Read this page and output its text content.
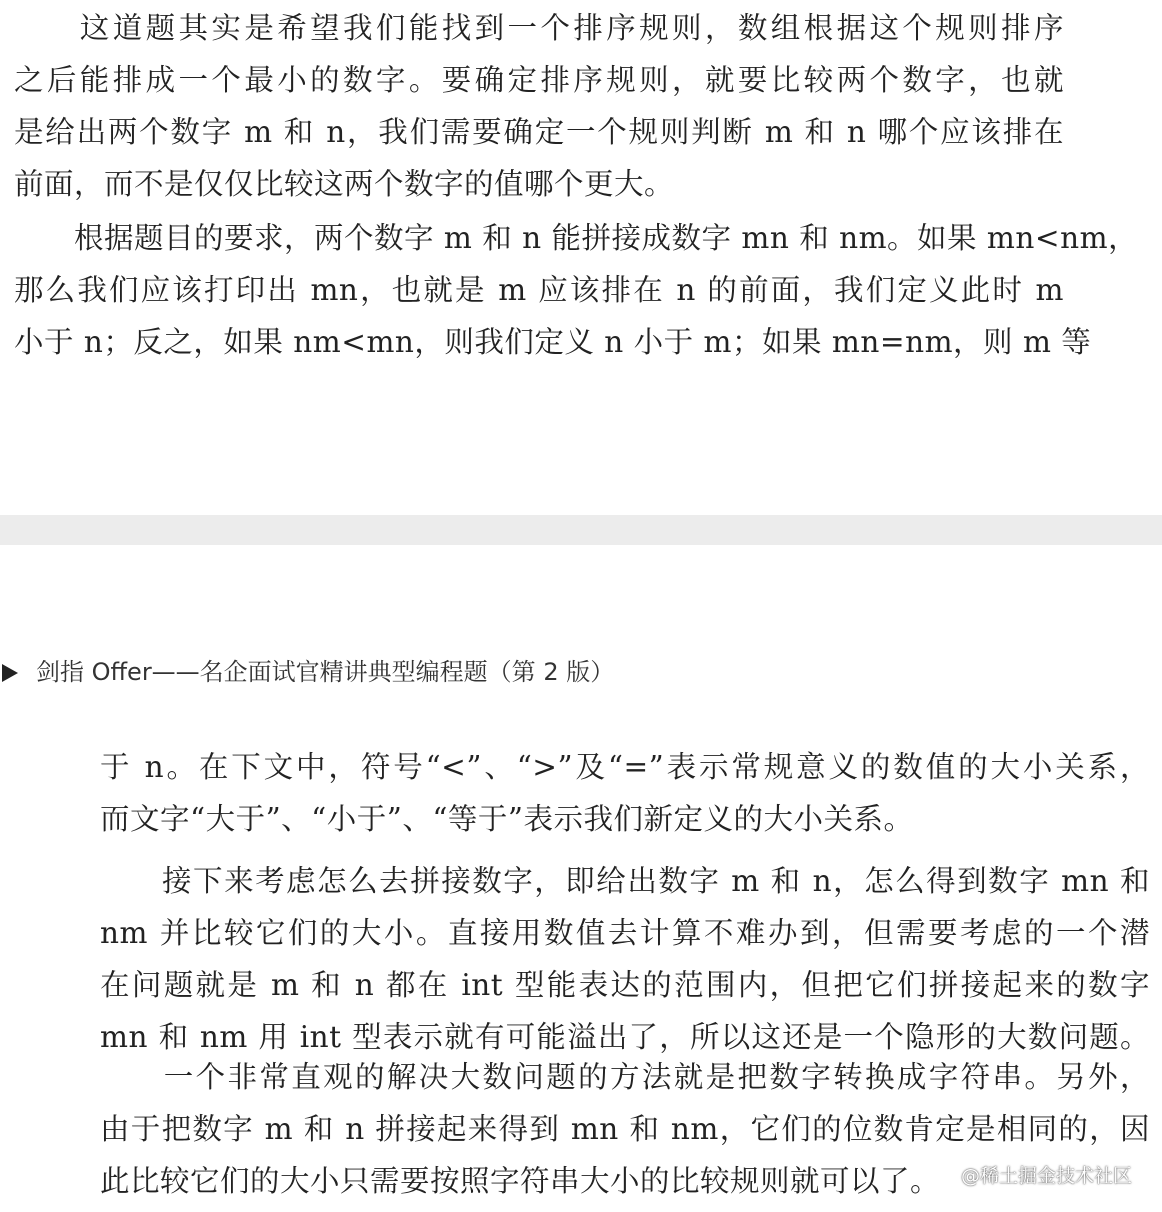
　　这道题其实是希望我们能找到一个排序规则，数组根据这个规则排序
之后能排成一个最小的数字。要确定排序规则，就要比较两个数字，也就
是给出两个数字 m 和 n，我们需要确定一个规则判断 m 和 n 哪个应该排在
前面，而不是仅仅比较这两个数字的值哪个更大。
　　根据题目的要求，两个数字 m 和 n 能拼接成数字 mn 和 nm。如果 mn<nm，
那么我们应该打印出 mn，也就是 m 应该排在 n 的前面，我们定义此时 m
小于 n；反之，如果 nm<mn，则我们定义 n 小于 m；如果 mn=nm，则 m 等
剑指 Offer——名企面试官精讲典型编程题（第 2 版）
于 n。在下文中，符号“<”、“>”及“=”表示常规意义的数值的大小关系，
而文字“大于”、“小于”、“等于”表示我们新定义的大小关系。
　　接下来考虑怎么去拼接数字，即给出数字 m 和 n，怎么得到数字 mn 和
nm 并比较它们的大小。直接用数值去计算不难办到，但需要考虑的一个潜
在问题就是 m 和 n 都在 int 型能表达的范围内，但把它们拼接起来的数字
mn 和 nm 用 int 型表示就有可能溢出了，所以这还是一个隐形的大数问题。
　　一个非常直观的解决大数问题的方法就是把数字转换成字符串。另外，
由于把数字 m 和 n 拼接起来得到 mn 和 nm，它们的位数肯定是相同的，因
此比较它们的大小只需要按照字符串大小的比较规则就可以了。	@稀土掘金技术社区
